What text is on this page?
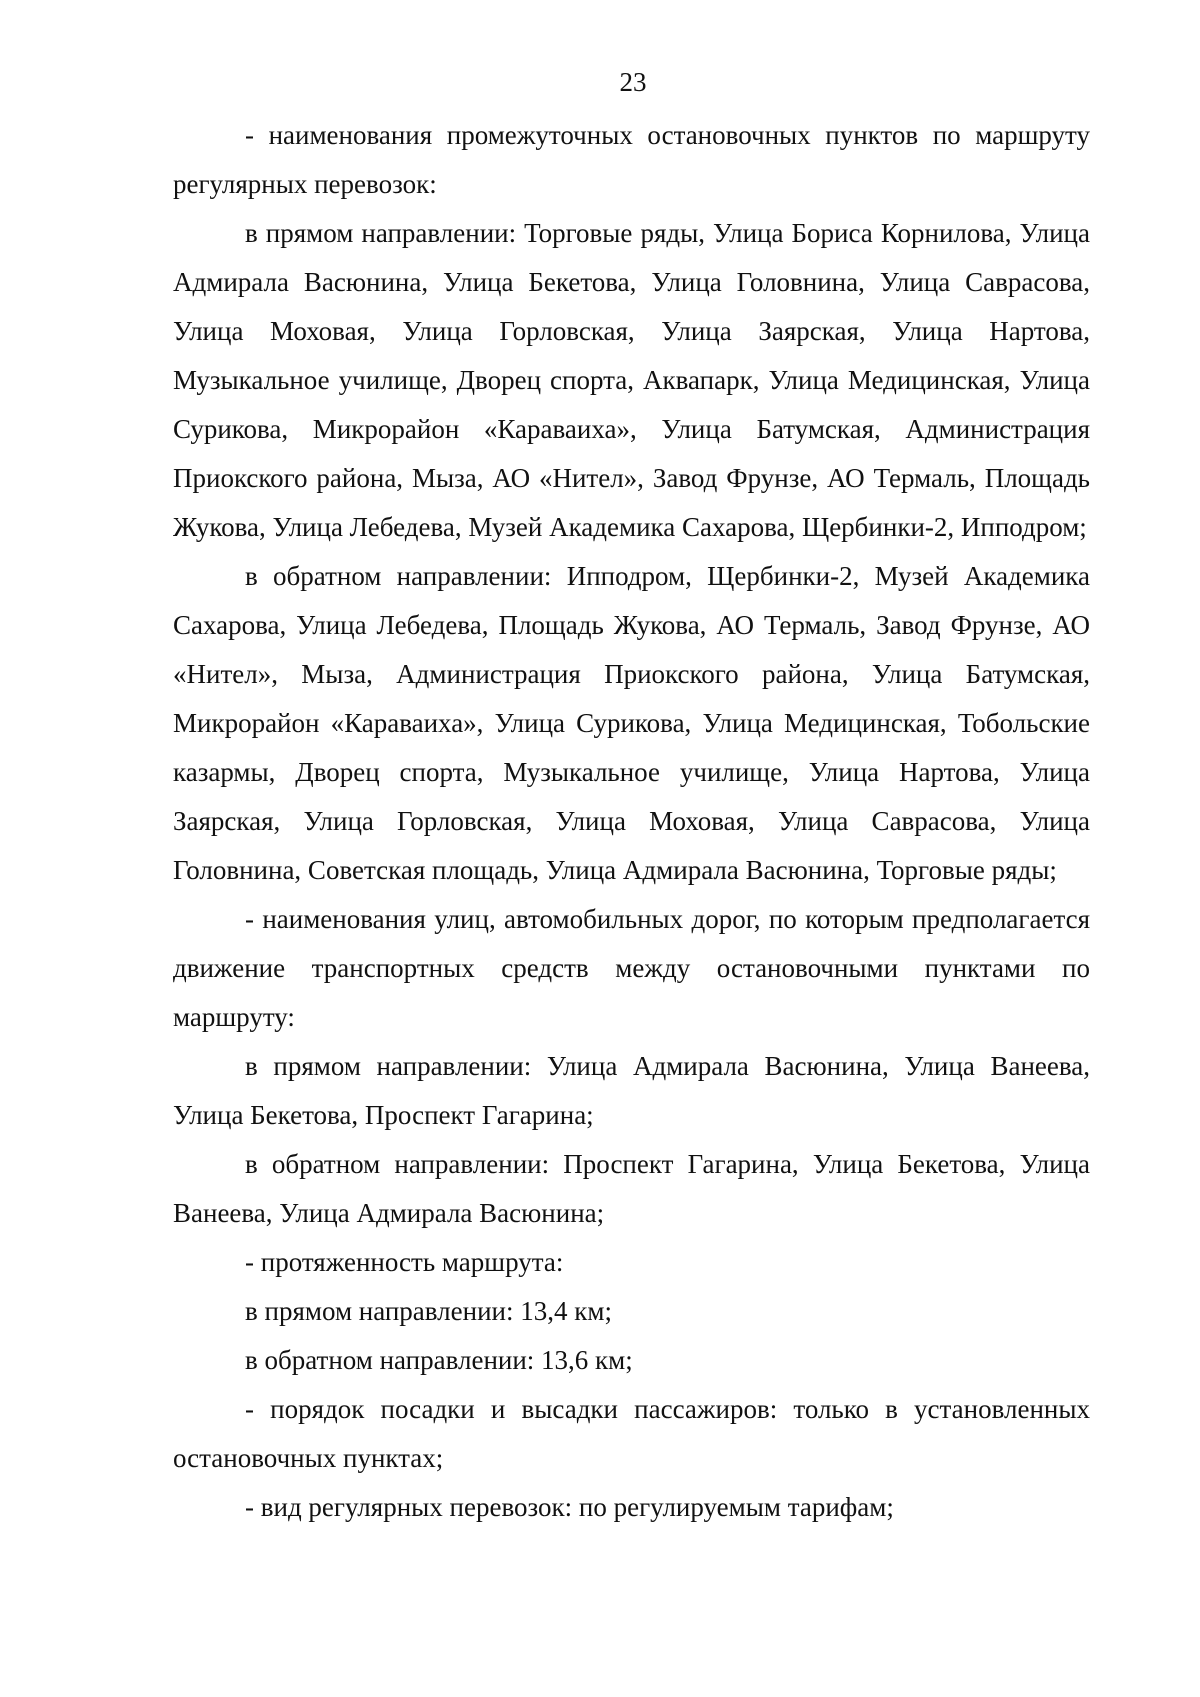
23

- наименования промежуточных остановочных пунктов по маршруту регулярных перевозок:

в прямом направлении: Торговые ряды, Улица Бориса Корнилова, Улица Адмирала Васюнина, Улица Бекетова, Улица Головнина, Улица Саврасова, Улица Моховая, Улица Горловская, Улица Заярская, Улица Нартова, Музыкальное училище, Дворец спорта, Аквапарк, Улица Медицинская, Улица Сурикова, Микрорайон «Караваиха», Улица Батумская, Администрация Приокского района, Мыза, АО «Нител», Завод Фрунзе, АО Термаль, Площадь Жукова, Улица Лебедева, Музей Академика Сахарова, Щербинки-2, Ипподром;

в обратном направлении: Ипподром, Щербинки-2, Музей Академика Сахарова, Улица Лебедева, Площадь Жукова, АО Термаль, Завод Фрунзе, АО «Нител», Мыза, Администрация Приокского района, Улица Батумская, Микрорайон «Караваиха», Улица Сурикова, Улица Медицинская, Тобольские казармы, Дворец спорта, Музыкальное училище, Улица Нартова, Улица Заярская, Улица Горловская, Улица Моховая, Улица Саврасова, Улица Головнина, Советская площадь, Улица Адмирала Васюнина, Торговые ряды;

- наименования улиц, автомобильных дорог, по которым предполагается движение транспортных средств между остановочными пунктами по маршруту:

в прямом направлении: Улица Адмирала Васюнина, Улица Ванеева, Улица Бекетова, Проспект Гагарина;

в обратном направлении: Проспект Гагарина, Улица Бекетова, Улица Ванеева, Улица Адмирала Васюнина;

- протяженность маршрута:

в прямом направлении: 13,4 км;

в обратном направлении: 13,6 км;

- порядок посадки и высадки пассажиров: только в установленных остановочных пунктах;

- вид регулярных перевозок: по регулируемым тарифам;
